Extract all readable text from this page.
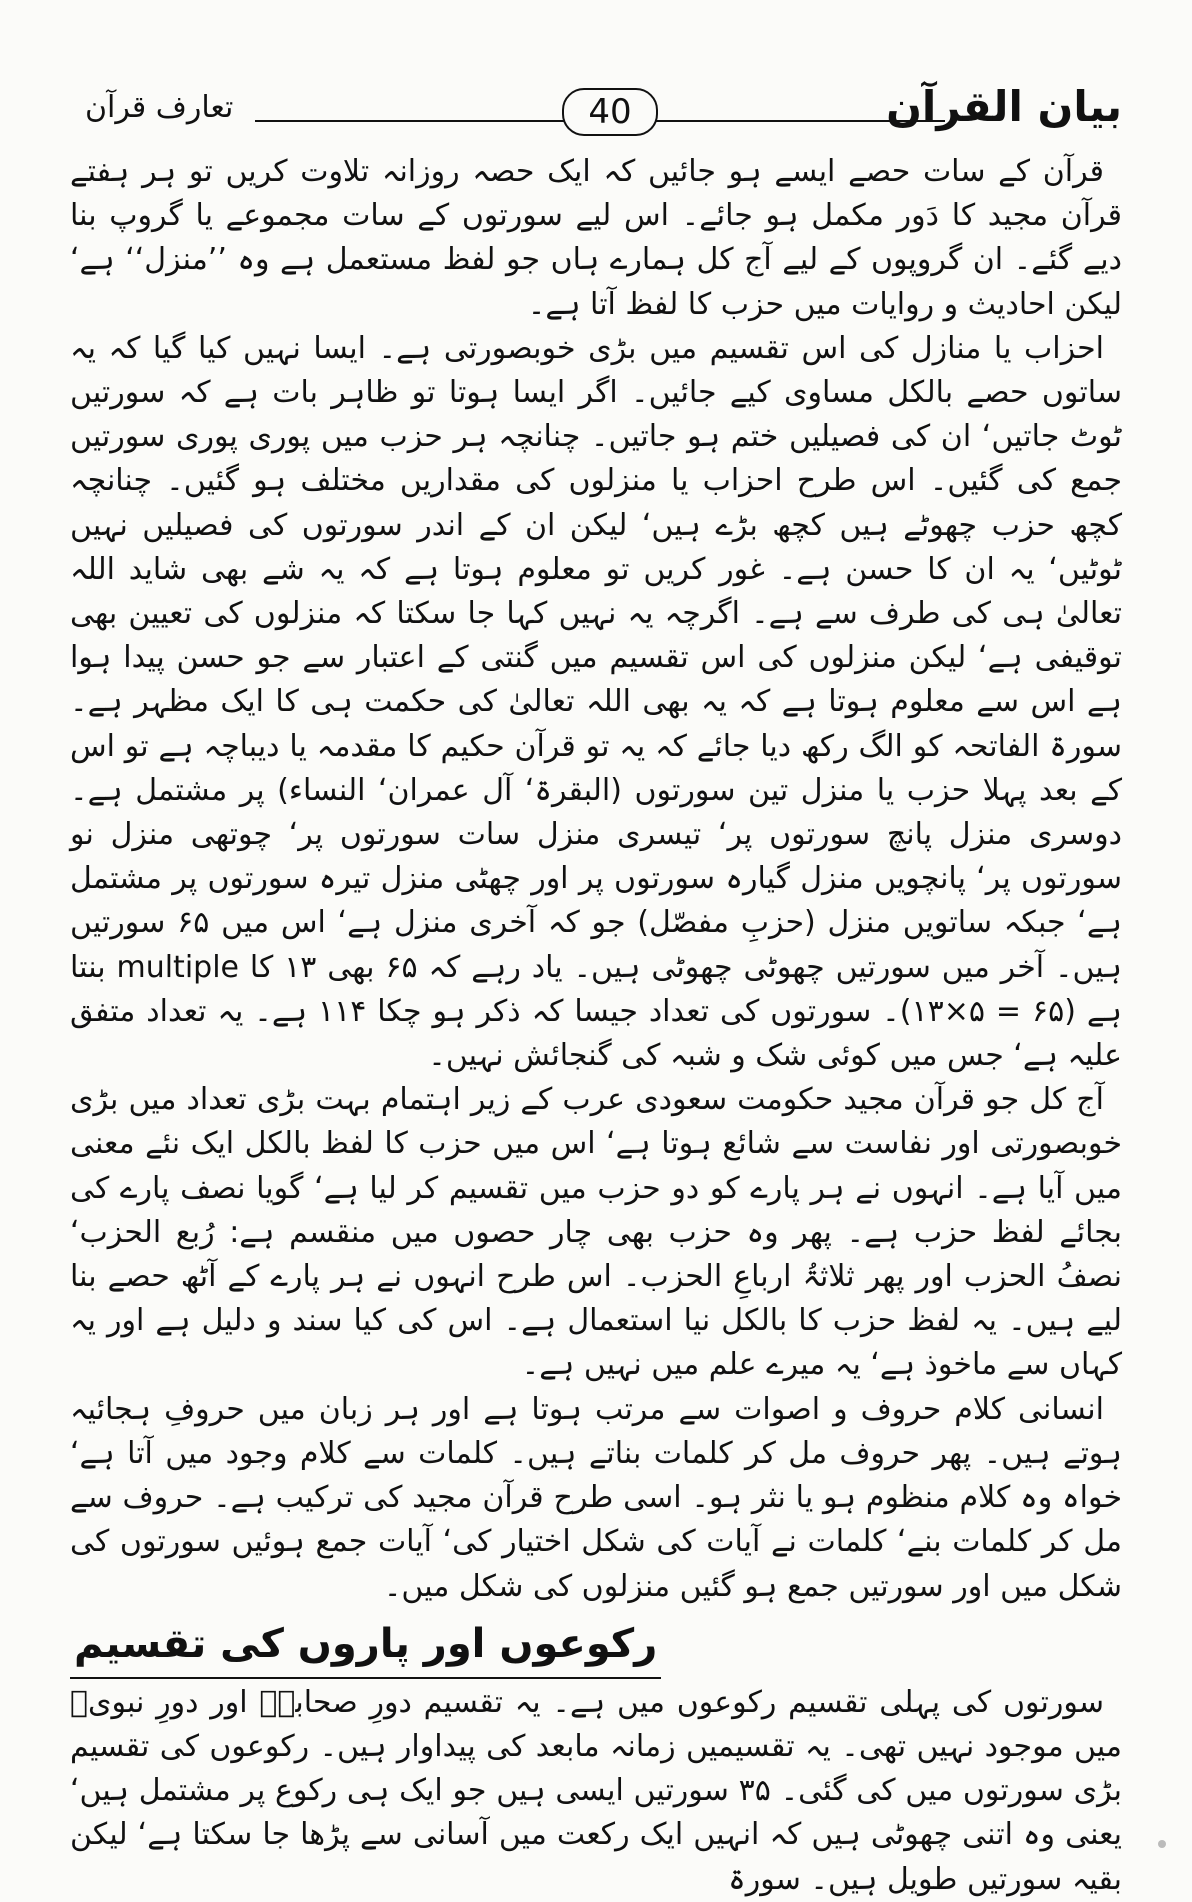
بیان القرآن
40
تعارف قرآن

قرآن کے سات حصے ایسے ہو جائیں کہ ایک حصہ روزانہ تلاوت کریں تو ہر ہفتے قرآن مجید کا دَور مکمل ہو جائے۔ اس لیے سورتوں کے سات مجموعے یا گروپ بنا دیے گئے۔ ان گروپوں کے لیے آج کل ہمارے ہاں جو لفظ مستعمل ہے وہ ’’منزل‘‘ ہے‘ لیکن احادیث و روایات میں حزب کا لفظ آتا ہے۔

احزاب یا منازل کی اس تقسیم میں بڑی خوبصورتی ہے۔ ایسا نہیں کیا گیا کہ یہ ساتوں حصے بالکل مساوی کیے جائیں۔ اگر ایسا ہوتا تو ظاہر بات ہے کہ سورتیں ٹوٹ جاتیں‘ ان کی فصیلیں ختم ہو جاتیں۔ چنانچہ ہر حزب میں پوری پوری سورتیں جمع کی گئیں۔ اس طرح احزاب یا منزلوں کی مقداریں مختلف ہو گئیں۔ چنانچہ کچھ حزب چھوٹے ہیں کچھ بڑے ہیں‘ لیکن ان کے اندر سورتوں کی فصیلیں نہیں ٹوٹیں‘ یہ ان کا حسن ہے۔ غور کریں تو معلوم ہوتا ہے کہ یہ شے بھی شاید اللہ تعالیٰ ہی کی طرف سے ہے۔ اگرچہ یہ نہیں کہا جا سکتا کہ منزلوں کی تعیین بھی توقیفی ہے‘ لیکن منزلوں کی اس تقسیم میں گنتی کے اعتبار سے جو حسن پیدا ہوا ہے اس سے معلوم ہوتا ہے کہ یہ بھی اللہ تعالیٰ کی حکمت ہی کا ایک مظہر ہے۔ سورۃ الفاتحہ کو الگ رکھ دیا جائے کہ یہ تو قرآن حکیم کا مقدمہ یا دیباچہ ہے تو اس کے بعد پہلا حزب یا منزل تین سورتوں (البقرۃ‘ آل عمران‘ النساء) پر مشتمل ہے۔ دوسری منزل پانچ سورتوں پر‘ تیسری منزل سات سورتوں پر‘ چوتھی منزل نو سورتوں پر‘ پانچویں منزل گیارہ سورتوں پر اور چھٹی منزل تیرہ سورتوں پر مشتمل ہے‘ جبکہ ساتویں منزل (حزبِ مفصّل) جو کہ آخری منزل ہے‘ اس میں ۶۵ سورتیں ہیں۔ آخر میں سورتیں چھوٹی چھوٹی ہیں۔ یاد رہے کہ ۶۵ بھی ۱۳ کا multiple بنتا ہے (۶۵ = ۵×۱۳)۔ سورتوں کی تعداد جیسا کہ ذکر ہو چکا ۱۱۴ ہے۔ یہ تعداد متفق علیہ ہے‘ جس میں کوئی شک و شبہ کی گنجائش نہیں۔

آج کل جو قرآن مجید حکومت سعودی عرب کے زیر اہتمام بہت بڑی تعداد میں بڑی خوبصورتی اور نفاست سے شائع ہوتا ہے‘ اس میں حزب کا لفظ بالکل ایک نئے معنی میں آیا ہے۔ انہوں نے ہر پارے کو دو حزب میں تقسیم کر لیا ہے‘ گویا نصف پارے کی بجائے لفظ حزب ہے۔ پھر وہ حزب بھی چار حصوں میں منقسم ہے: رُبع الحزب‘ نصفُ الحزب اور پھر ثلاثۃُ ارباعِ الحزب۔ اس طرح انہوں نے ہر پارے کے آٹھ حصے بنا لیے ہیں۔ یہ لفظ حزب کا بالکل نیا استعمال ہے۔ اس کی کیا سند و دلیل ہے اور یہ کہاں سے ماخوذ ہے‘ یہ میرے علم میں نہیں ہے۔

انسانی کلام حروف و اصوات سے مرتب ہوتا ہے اور ہر زبان میں حروفِ ہجائیہ ہوتے ہیں۔ پھر حروف مل کر کلمات بناتے ہیں۔ کلمات سے کلام وجود میں آتا ہے‘ خواہ وہ کلام منظوم ہو یا نثر ہو۔ اسی طرح قرآن مجید کی ترکیب ہے۔ حروف سے مل کر کلمات بنے‘ کلمات نے آیات کی شکل اختیار کی‘ آیات جمع ہوئیں سورتوں کی شکل میں اور سورتیں جمع ہو گئیں منزلوں کی شکل میں۔

رکوعوں اور پاروں کی تقسیم

سورتوں کی پہلی تقسیم رکوعوں میں ہے۔ یہ تقسیم دورِ صحابہؓ اور دورِ نبویؐ میں موجود نہیں تھی۔ یہ تقسیمیں زمانہ مابعد کی پیداوار ہیں۔ رکوعوں کی تقسیم بڑی سورتوں میں کی گئی۔ ۳۵ سورتیں ایسی ہیں جو ایک ہی رکوع پر مشتمل ہیں‘ یعنی وہ اتنی چھوٹی ہیں کہ انہیں ایک رکعت میں آسانی سے پڑھا جا سکتا ہے‘ لیکن بقیہ سورتیں طویل ہیں۔ سورۃ
